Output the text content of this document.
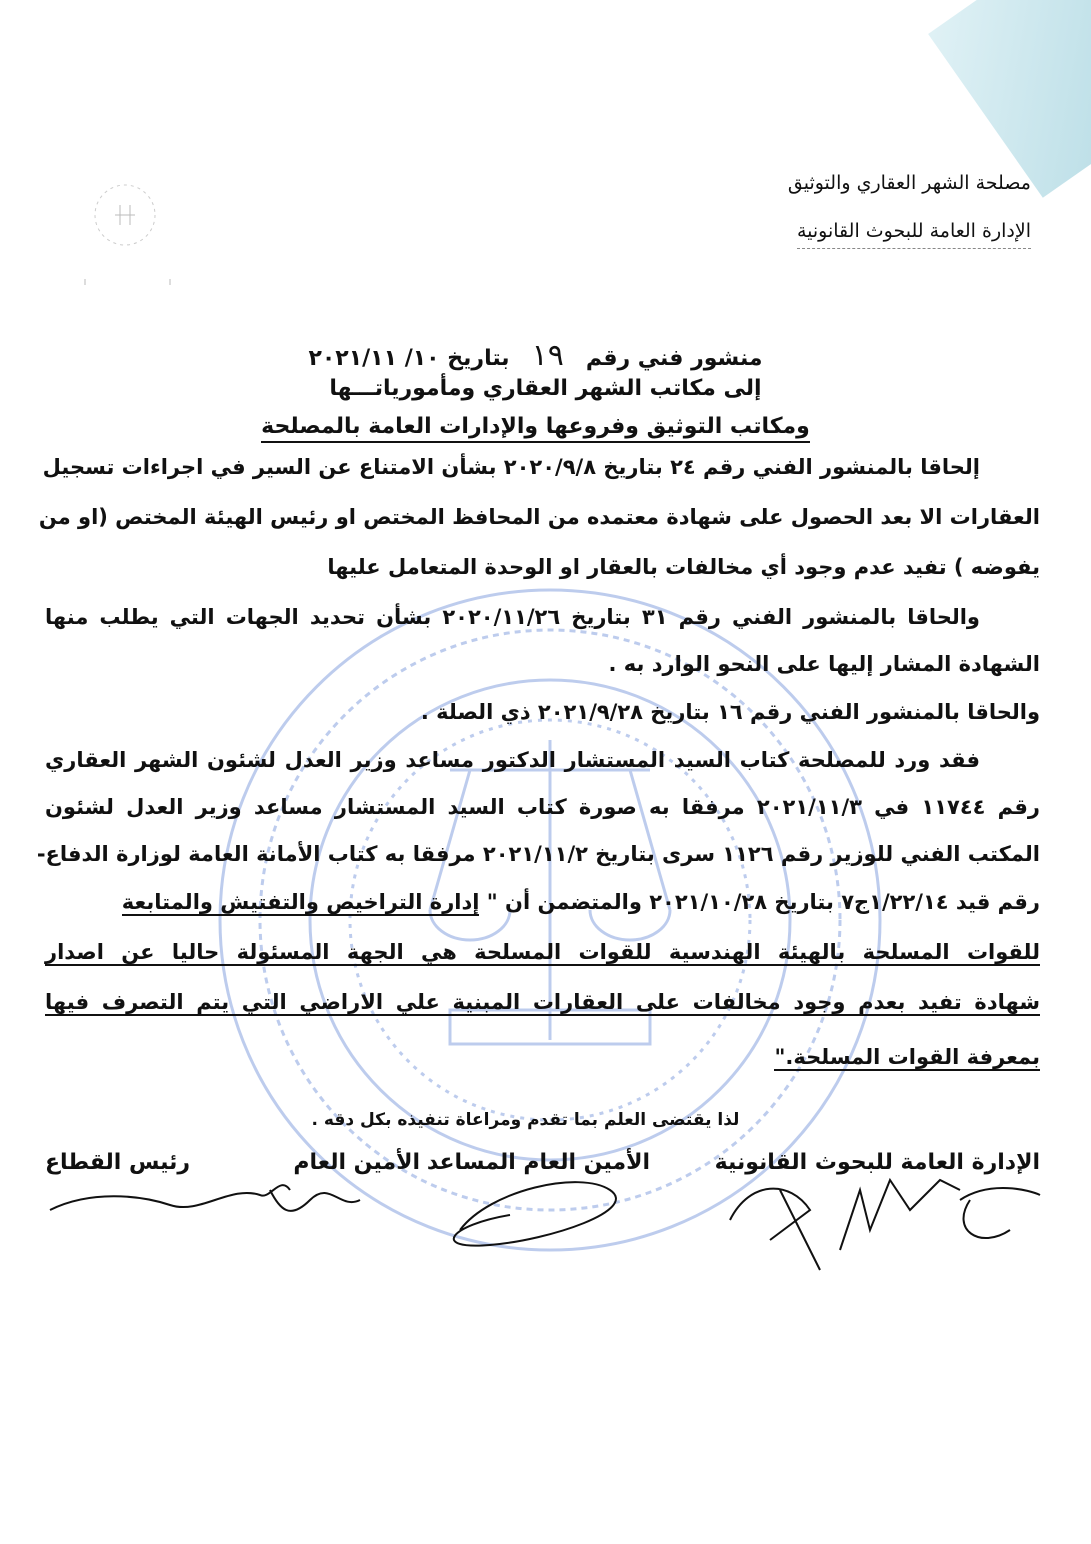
مصلحة الشهر العقاري والتوثيق
الإدارة العامة للبحوث القانونية
منشور فني رقم١٩بتاريخ ١٠/ ٢٠٢١/١١
إلى مكاتب الشهر العقاري ومأمورياتـــها
ومكاتب التوثيق وفروعها والإدارات العامة بالمصلحة
إلحاقا بالمنشور الفني رقم ٢٤ بتاريخ ٢٠٢٠/٩/٨ بشأن الامتناع عن السير في اجراءات تسجيل
العقارات الا بعد الحصول على شهادة معتمده من المحافظ المختص او رئيس الهيئة المختص (او من
يفوضه ) تفيد عدم وجود أي مخالفات بالعقار او الوحدة المتعامل عليها
والحاقا بالمنشور الفني رقم ٣١ بتاريخ ٢٠٢٠/١١/٢٦ بشأن تحديد الجهات التي يطلب منها
الشهادة المشار إليها على النحو الوارد به .
والحاقا بالمنشور الفني رقم ١٦ بتاريخ ٢٠٢١/٩/٢٨ ذي الصلة .
فقد ورد للمصلحة كتاب السيد المستشار الدكتور مساعد وزير العدل لشئون الشهر العقاري
رقم ١١٧٤٤ في ٢٠٢١/١١/٣ مرفقا به صورة كتاب السيد المستشار مساعد وزير العدل لشئون
المكتب الفني للوزير رقم ١١٢٦ سرى بتاريخ ٢٠٢١/١١/٢ مرفقا به كتاب الأمانة العامة لوزارة الدفاع-
رقم قيد ١/٢٢/١٤ج٧ بتاريخ ٢٠٢١/١٠/٢٨ والمتضمن أن " إدارة التراخيص والتفتيش والمتابعة
للقوات المسلحة بالهيئة الهندسية للقوات المسلحة هي الجهة المسئولة حاليا عن اصدار
شهادة تفيد بعدم وجود مخالفات على العقارات المبنية علي الاراضي التي يتم التصرف فيها
بمعرفة القوات المسلحة."
لذا يقتضى العلم بما تقدم ومراعاة تنفيذه بكل دقه .
الإدارة العامة للبحوث القانونية
الأمين العام المساعد
الأمين العام
رئيس القطاع
